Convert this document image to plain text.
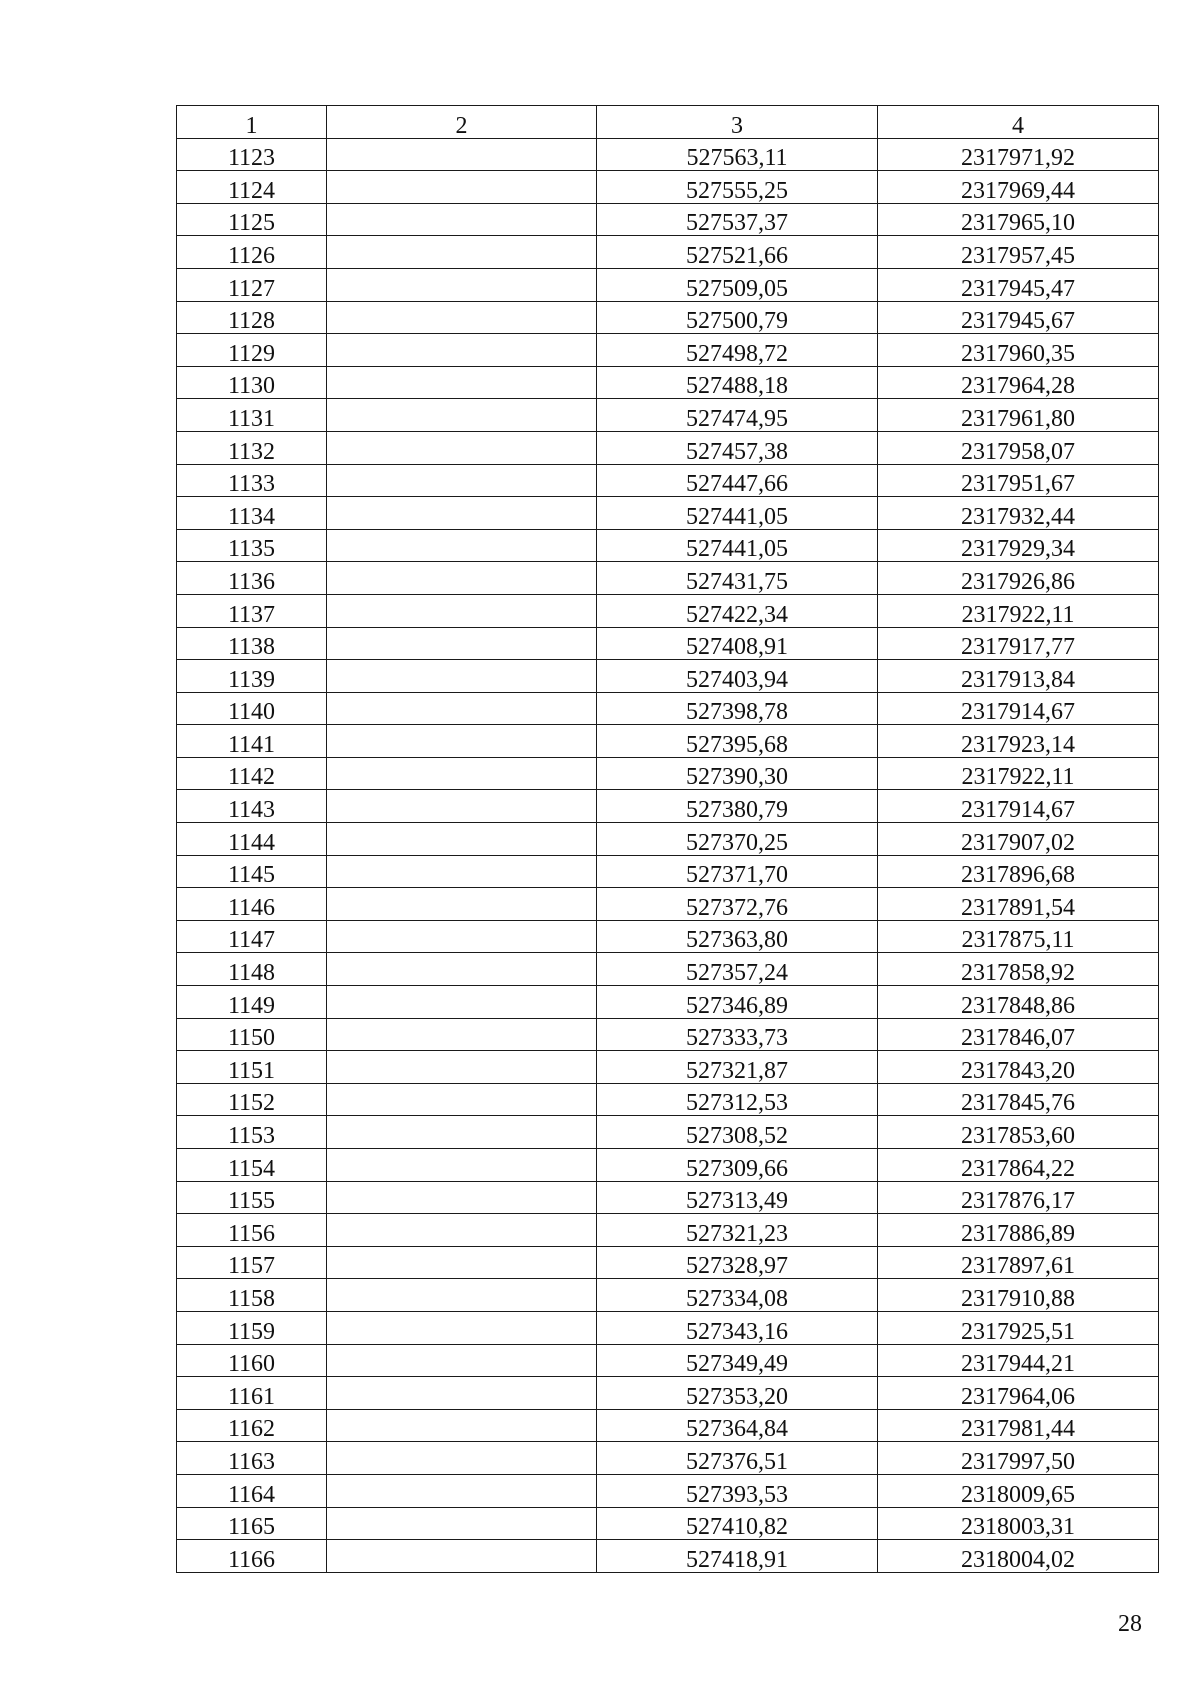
1	2	3	4
1123		527563,11	2317971,92
1124		527555,25	2317969,44
1125		527537,37	2317965,10
1126		527521,66	2317957,45
1127		527509,05	2317945,47
1128		527500,79	2317945,67
1129		527498,72	2317960,35
1130		527488,18	2317964,28
1131		527474,95	2317961,80
1132		527457,38	2317958,07
1133		527447,66	2317951,67
1134		527441,05	2317932,44
1135		527441,05	2317929,34
1136		527431,75	2317926,86
1137		527422,34	2317922,11
1138		527408,91	2317917,77
1139		527403,94	2317913,84
1140		527398,78	2317914,67
1141		527395,68	2317923,14
1142		527390,30	2317922,11
1143		527380,79	2317914,67
1144		527370,25	2317907,02
1145		527371,70	2317896,68
1146		527372,76	2317891,54
1147		527363,80	2317875,11
1148		527357,24	2317858,92
1149		527346,89	2317848,86
1150		527333,73	2317846,07
1151		527321,87	2317843,20
1152		527312,53	2317845,76
1153		527308,52	2317853,60
1154		527309,66	2317864,22
1155		527313,49	2317876,17
1156		527321,23	2317886,89
1157		527328,97	2317897,61
1158		527334,08	2317910,88
1159		527343,16	2317925,51
1160		527349,49	2317944,21
1161		527353,20	2317964,06
1162		527364,84	2317981,44
1163		527376,51	2317997,50
1164		527393,53	2318009,65
1165		527410,82	2318003,31
1166		527418,91	2318004,02
28
